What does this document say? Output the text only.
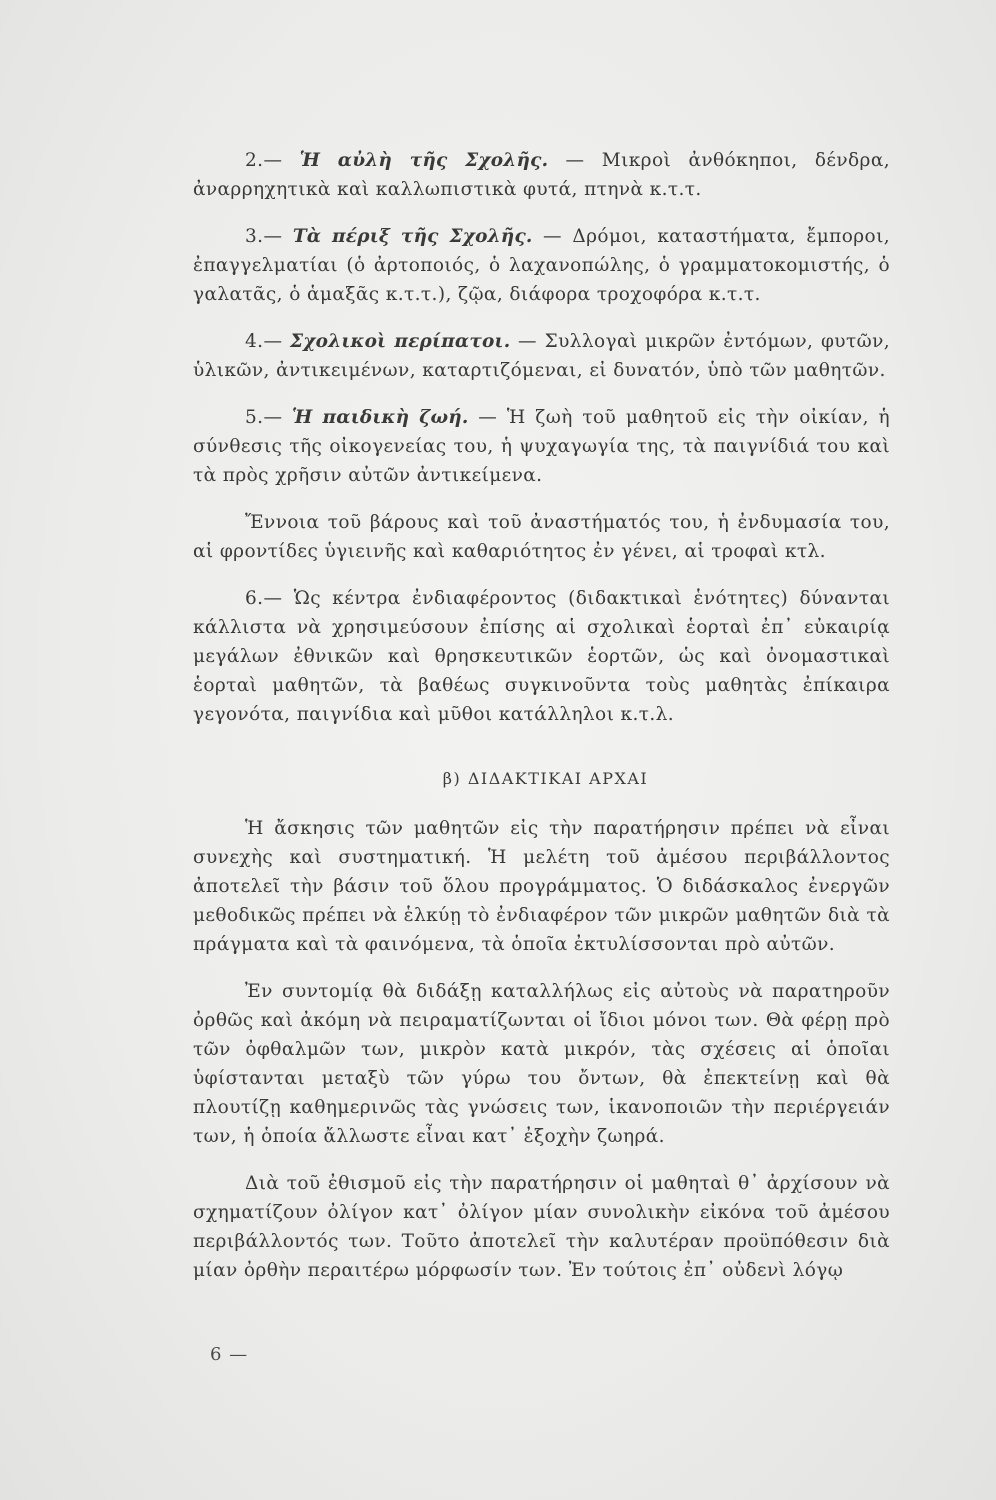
2.— Ἡ αὐλὴ τῆς Σχολῆς. — Μικροὶ ἀνθόκηποι, δένδρα, ἀναρρηχητικὰ καὶ καλλωπιστικὰ φυτά, πτηνὰ κ.τ.τ.

3.— Τὰ πέριξ τῆς Σχολῆς. — Δρόμοι, καταστήματα, ἔμποροι, ἐπαγγελματίαι (ὁ ἀρτοποιός, ὁ λαχανοπώλης, ὁ γραμματοκομιστής, ὁ γαλατᾶς, ὁ ἁμαξᾶς κ.τ.τ.), ζῷα, διάφορα τροχοφόρα κ.τ.τ.

4.— Σχολικοὶ περίπατοι. — Συλλογαὶ μικρῶν ἐντόμων, φυτῶν, ὑλικῶν, ἀντικειμένων, καταρτιζόμεναι, εἰ δυνατόν, ὑπὸ τῶν μαθητῶν.

5.— Ἡ παιδικὴ ζωή. — Ἡ ζωὴ τοῦ μαθητοῦ εἰς τὴν οἰκίαν, ἡ σύνθεσις τῆς οἰκογενείας του, ἡ ψυχαγωγία της, τὰ παιγνίδιά του καὶ τὰ πρὸς χρῆσιν αὐτῶν ἀντικείμενα.

Ἔννοια τοῦ βάρους καὶ τοῦ ἀναστήματός του, ἡ ἐνδυμασία του, αἱ φροντίδες ὑγιεινῆς καὶ καθαριότητος ἐν γένει, αἱ τροφαὶ κτλ.

6.— Ὡς κέντρα ἐνδιαφέροντος (διδακτικαὶ ἑνότητες) δύνανται κάλλιστα νὰ χρησιμεύσουν ἐπίσης αἱ σχολικαὶ ἑορταὶ ἐπ᾽ εὐκαιρίᾳ μεγάλων ἐθνικῶν καὶ θρησκευτικῶν ἑορτῶν, ὡς καὶ ὀνομαστικαὶ ἑορταὶ μαθητῶν, τὰ βαθέως συγκινοῦντα τοὺς μαθητὰς ἐπίκαιρα γεγονότα, παιγνίδια καὶ μῦθοι κατάλληλοι κ.τ.λ.

β) ΔΙΔΑΚΤΙΚΑΙ ΑΡΧΑΙ

Ἡ ἄσκησις τῶν μαθητῶν εἰς τὴν παρατήρησιν πρέπει νὰ εἶναι συνεχὴς καὶ συστηματική. Ἡ μελέτη τοῦ ἀμέσου περιβάλλοντος ἀποτελεῖ τὴν βάσιν τοῦ ὅλου προγράμματος. Ὁ διδάσκαλος ἐνεργῶν μεθοδικῶς πρέπει νὰ ἑλκύῃ τὸ ἐνδιαφέρον τῶν μικρῶν μαθητῶν διὰ τὰ πράγματα καὶ τὰ φαινόμενα, τὰ ὁποῖα ἐκτυλίσσονται πρὸ αὐτῶν.

Ἐν συντομίᾳ θὰ διδάξῃ καταλλήλως εἰς αὐτοὺς νὰ παρατηροῦν ὀρθῶς καὶ ἀκόμη νὰ πειραματίζωνται οἱ ἴδιοι μόνοι των. Θὰ φέρῃ πρὸ τῶν ὀφθαλμῶν των, μικρὸν κατὰ μικρόν, τὰς σχέσεις αἱ ὁποῖαι ὑφίστανται μεταξὺ τῶν γύρω του ὄντων, θὰ ἐπεκτείνῃ καὶ θὰ πλουτίζῃ καθημερινῶς τὰς γνώσεις των, ἱκανοποιῶν τὴν περιέργειάν των, ἡ ὁποία ἄλλωστε εἶναι κατ᾽ ἐξοχὴν ζωηρά.

Διὰ τοῦ ἐθισμοῦ εἰς τὴν παρατήρησιν οἱ μαθηταὶ θ᾽ ἀρχίσουν νὰ σχηματίζουν ὀλίγον κατ᾽ ὀλίγον μίαν συνολικὴν εἰκόνα τοῦ ἀμέσου περιβάλλοντός των. Τοῦτο ἀποτελεῖ τὴν καλυτέραν προϋπόθεσιν διὰ μίαν ὀρθὴν περαιτέρω μόρφωσίν των. Ἐν τούτοις ἐπ᾽ οὐδενὶ λόγῳ

6 —
